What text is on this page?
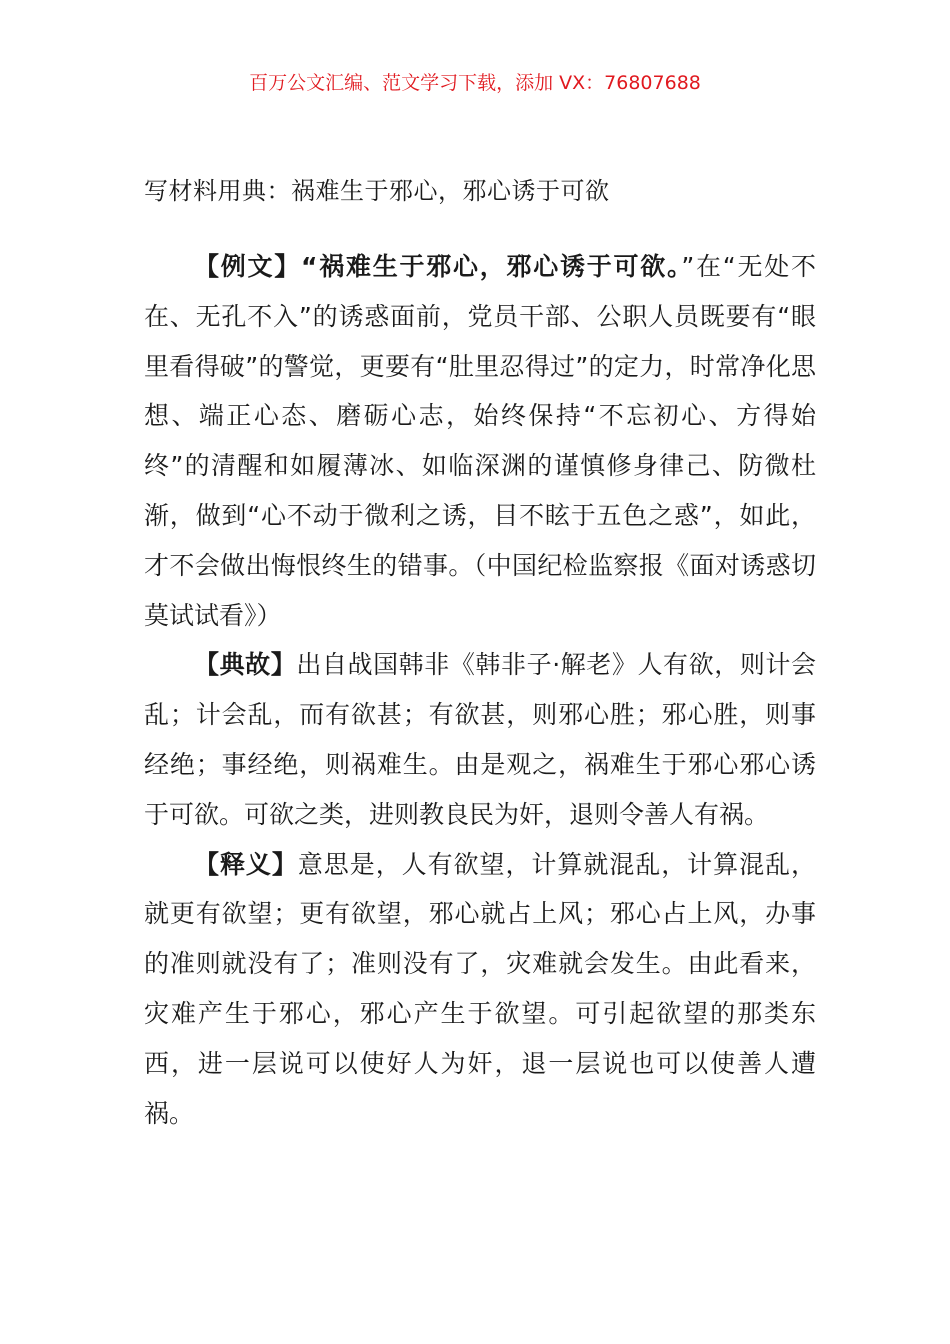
百万公文汇编、范文学习下载，添加 VX：76807688
写材料用典：祸难生于邪心，邪心诱于可欲

【例文】“祸难生于邪心，邪心诱于可欲。”在“无处不在、无孔不入”的诱惑面前，党员干部、公职人员既要有“眼里看得破”的警觉，更要有“肚里忍得过”的定力，时常净化思想、端正心态、磨砺心志，始终保持“不忘初心、方得始终”的清醒和如履薄冰、如临深渊的谨慎修身律己、防微杜渐，做到“心不动于微利之诱，目不眩于五色之惑”，如此，才不会做出悔恨终生的错事。（中国纪检监察报《面对诱惑切莫试试看》）

【典故】出自战国韩非《韩非子·解老》人有欲，则计会乱；计会乱，而有欲甚；有欲甚，则邪心胜；邪心胜，则事经绝；事经绝，则祸难生。由是观之，祸难生于邪心邪心诱于可欲。可欲之类，进则教良民为奸，退则令善人有祸。

【释义】意思是，人有欲望，计算就混乱，计算混乱，就更有欲望；更有欲望，邪心就占上风；邪心占上风，办事的准则就没有了；准则没有了，灾难就会发生。由此看来，灾难产生于邪心，邪心产生于欲望。可引起欲望的那类东西，进一层说可以使好人为奸，退一层说也可以使善人遭祸。
